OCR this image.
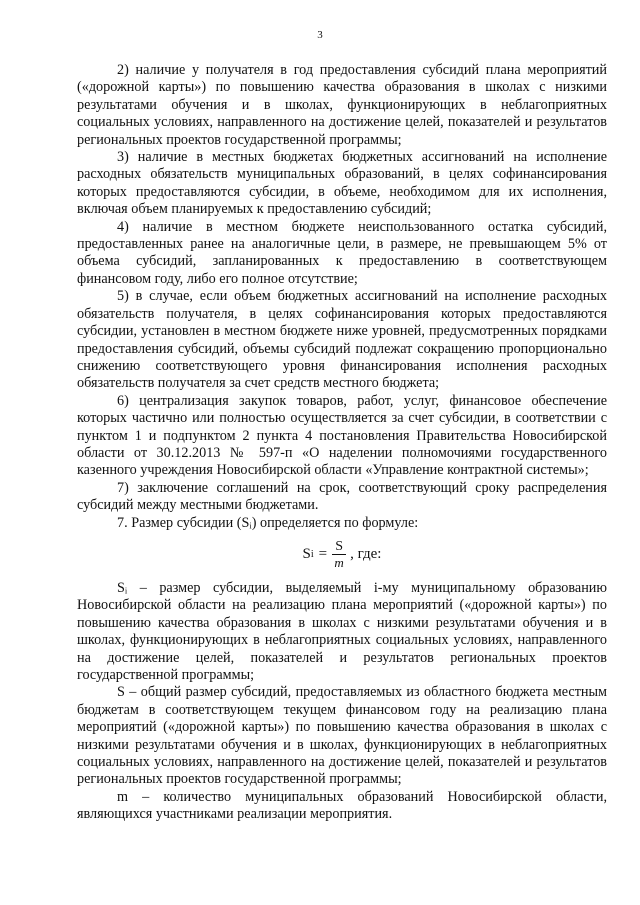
3

2) наличие у получателя в год предоставления субсидий плана мероприятий («дорожной карты») по повышению качества образования в школах с низкими результатами обучения и в школах, функционирующих в неблагоприятных социальных условиях, направленного на достижение целей, показателей и результатов региональных проектов государственной программы;

3) наличие в местных бюджетах бюджетных ассигнований на исполнение расходных обязательств муниципальных образований, в целях софинансирования которых предоставляются субсидии, в объеме, необходимом для их исполнения, включая объем планируемых к предоставлению субсидий;

4) наличие в местном бюджете неиспользованного остатка субсидий, предоставленных ранее на аналогичные цели, в размере, не превышающем 5% от объема субсидий, запланированных к предоставлению в соответствующем финансовом году, либо его полное отсутствие;

5) в случае, если объем бюджетных ассигнований на исполнение расходных обязательств получателя, в целях софинансирования которых предоставляются субсидии, установлен в местном бюджете ниже уровней, предусмотренных порядками предоставления субсидий, объемы субсидий подлежат сокращению пропорционально снижению соответствующего уровня финансирования исполнения расходных обязательств получателя за счет средств местного бюджета;

6) централизация закупок товаров, работ, услуг, финансовое обеспечение которых частично или полностью осуществляется за счет субсидии, в соответствии с пунктом 1 и подпунктом 2 пункта 4 постановления Правительства Новосибирской области от 30.12.2013 № 597-п «О наделении полномочиями государственного казенного учреждения Новосибирской области «Управление контрактной системы»;

7) заключение соглашений на срок, соответствующий сроку распределения субсидий между местными бюджетами.

7. Размер субсидии (Sᵢ) определяется по формуле:

S $i = \frac{S}{m}$ , где:

Sᵢ – размер субсидии, выделяемый i-му муниципальному образованию Новосибирской области на реализацию плана мероприятий («дорожной карты») по повышению качества образования в школах с низкими результатами обучения и в школах, функционирующих в неблагоприятных социальных условиях, направленного на достижение целей, показателей и результатов региональных проектов государственной программы;

S – общий размер субсидий, предоставляемых из областного бюджета местным бюджетам в соответствующем текущем финансовом году на реализацию плана мероприятий («дорожной карты») по повышению качества образования в школах с низкими результатами обучения и в школах, функционирующих в неблагоприятных социальных условиях, направленного на достижение целей, показателей и результатов региональных проектов государственной программы;

m – количество муниципальных образований Новосибирской области, являющихся участниками реализации мероприятия.
